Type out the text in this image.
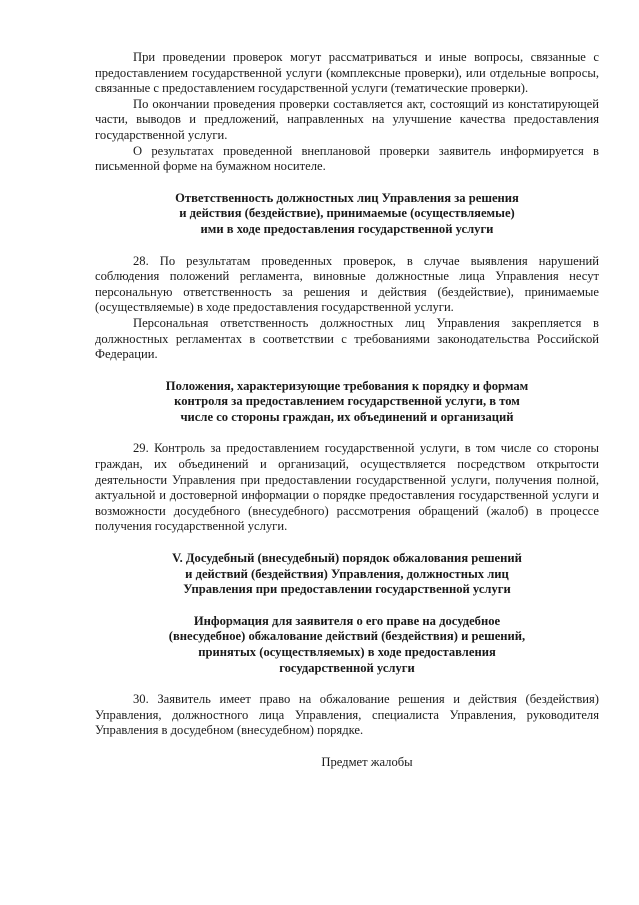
При проведении проверок могут рассматриваться и иные вопросы, связанные с предоставлением государственной услуги (комплексные проверки), или отдельные вопросы, связанные с предоставлением государственной услуги (тематические проверки).

По окончании проведения проверки составляется акт, состоящий из констатирующей части, выводов и предложений, направленных на улучшение качества предоставления государственной услуги.

О результатах проведенной внеплановой проверки заявитель информируется в письменной форме на бумажном носителе.

Ответственность должностных лиц Управления за решения
и действия (бездействие), принимаемые (осуществляемые)
ими в ходе предоставления государственной услуги

28. По результатам проведенных проверок, в случае выявления нарушений соблюдения положений регламента, виновные должностные лица Управления несут персональную ответственность за решения и действия (бездействие), принимаемые (осуществляемые) в ходе предоставления государственной услуги.

Персональная ответственность должностных лиц Управления закрепляется в должностных регламентах в соответствии с требованиями законодательства Российской Федерации.

Положения, характеризующие требования к порядку и формам
контроля за предоставлением государственной услуги, в том
числе со стороны граждан, их объединений и организаций

29. Контроль за предоставлением государственной услуги, в том числе со стороны граждан, их объединений и организаций, осуществляется посредством открытости деятельности Управления при предоставлении государственной услуги, получения полной, актуальной и достоверной информации о порядке предоставления государственной услуги и возможности досудебного (внесудебного) рассмотрения обращений (жалоб) в процессе получения государственной услуги.

V. Досудебный (внесудебный) порядок обжалования решений
и действий (бездействия) Управления, должностных лиц
Управления при предоставлении государственной услуги
Информация для заявителя о его праве на досудебное
(внесудебное) обжалование действий (бездействия) и решений,
принятых (осуществляемых) в ходе предоставления
государственной услуги

30. Заявитель имеет право на обжалование решения и действия (бездействия) Управления, должностного лица Управления, специалиста Управления, руководителя Управления в досудебном (внесудебном) порядке.

Предмет жалобы
